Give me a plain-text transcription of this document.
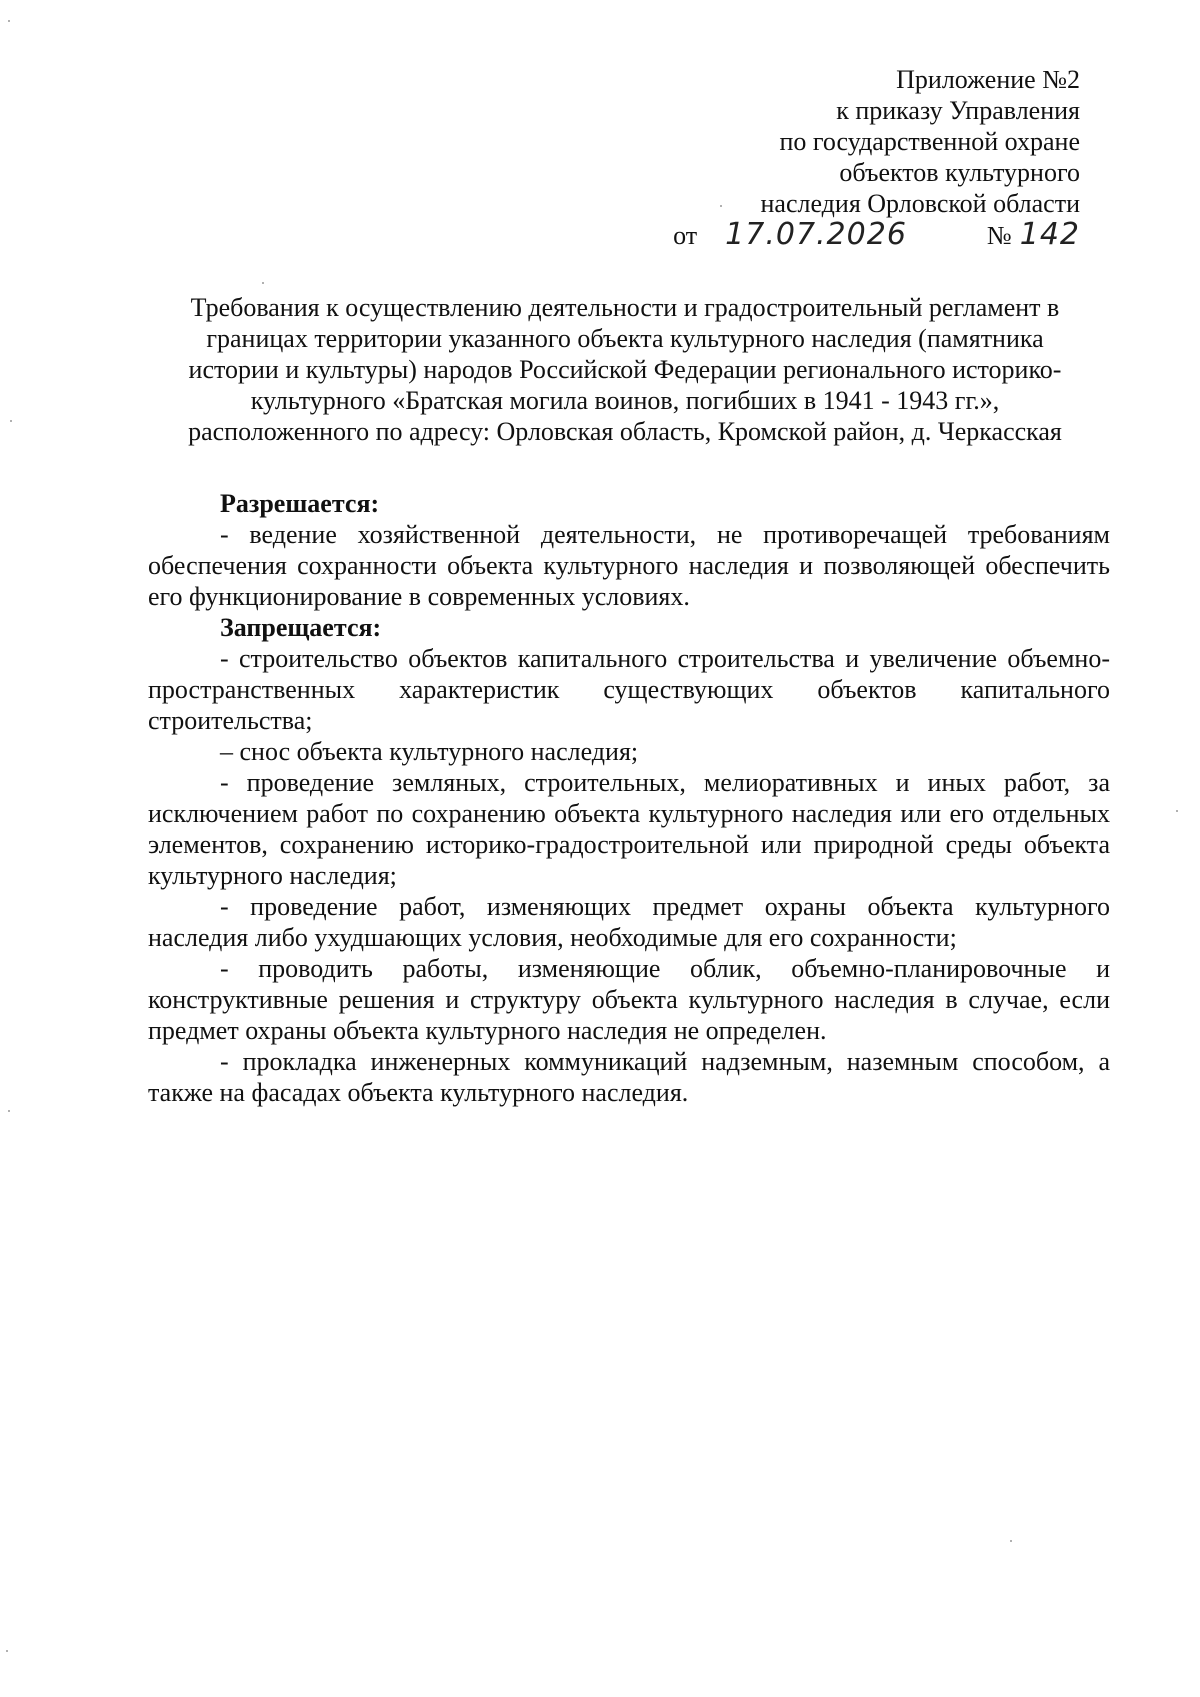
Приложение №2
к приказу Управления
по государственной охране
объектов культурного
наследия Орловской области
от 17.07.2026	№ 142
Требования к осуществлению деятельности и градостроительный регламент в
границах территории указанного объекта культурного наследия (памятника
истории и культуры) народов Российской Федерации регионального историко-
культурного «Братская могила воинов, погибших в 1941 - 1943 гг.»,
расположенного по адресу: Орловская область, Кромской район, д. Черкасская

Разрешается:

- ведение хозяйственной деятельности, не противоречащей требованиям обеспечения сохранности объекта культурного наследия и позволяющей обеспечить его функционирование в современных условиях.

Запрещается:

- строительство объектов капитального строительства и увеличение объемно-пространственных характеристик существующих объектов капитального строительства;

– снос объекта культурного наследия;

- проведение земляных, строительных, мелиоративных и иных работ, за исключением работ по сохранению объекта культурного наследия или его отдельных элементов, сохранению историко-градостроительной или природной среды объекта культурного наследия;

- проведение работ, изменяющих предмет охраны объекта культурного наследия либо ухудшающих условия, необходимые для его сохранности;

- проводить работы, изменяющие облик, объемно-планировочные и конструктивные решения и структуру объекта культурного наследия в случае, если предмет охраны объекта культурного наследия не определен.

- прокладка инженерных коммуникаций надземным, наземным способом, а также на фасадах объекта культурного наследия.
